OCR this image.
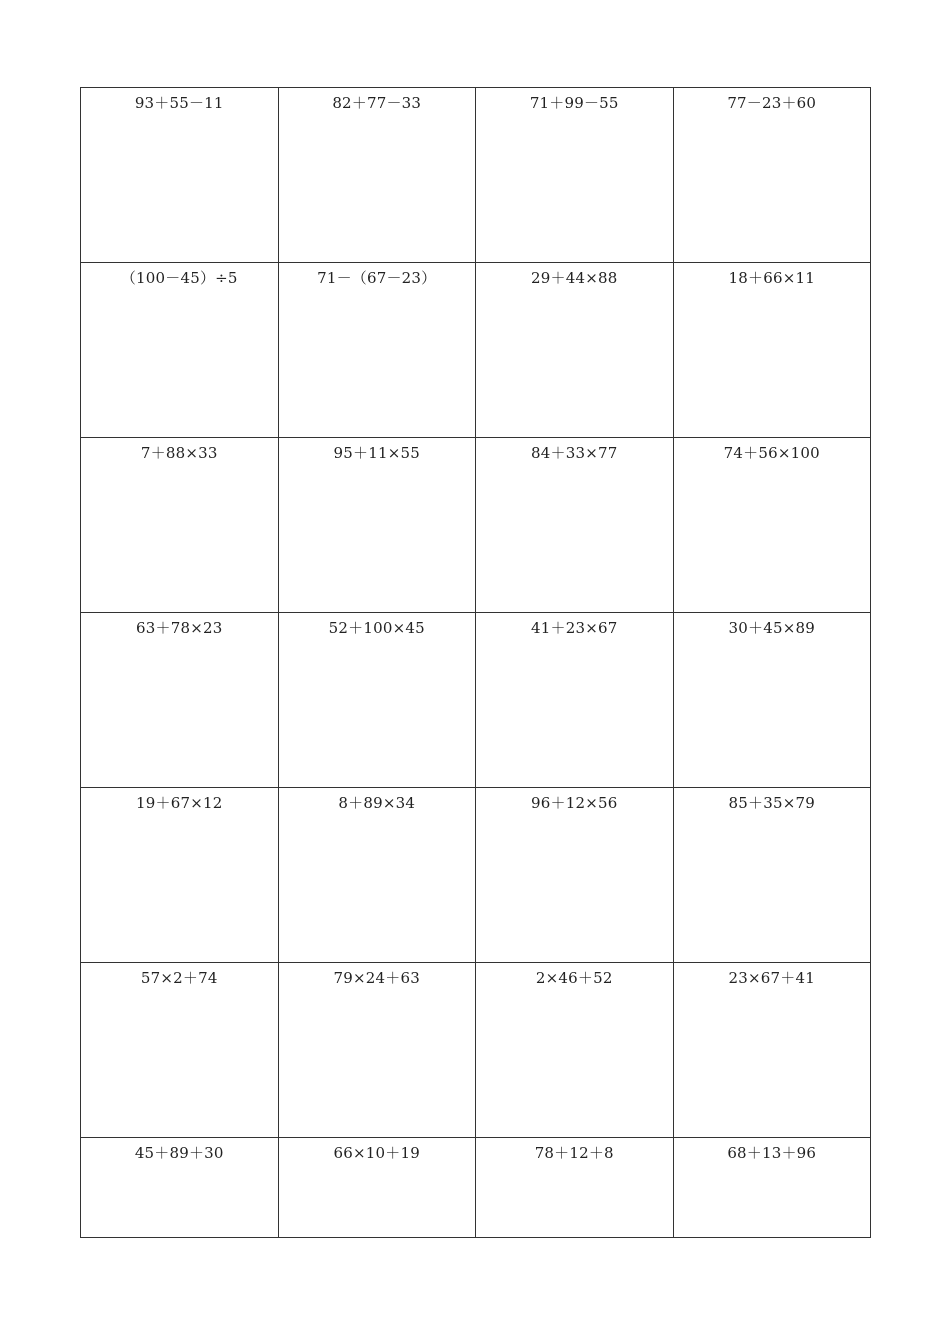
93＋55－11	82＋77－33	71＋99－55	77－23＋60

（100－45）÷5	71－（67－23）	29＋44×88	18＋66×11

7＋88×33	95＋11×55	84＋33×77	74＋56×100

63＋78×23	52＋100×45	41＋23×67	30＋45×89

19＋67×12	8＋89×34	96＋12×56	85＋35×79

57×2＋74	79×24＋63	2×46＋52	23×67＋41

45＋89＋30	66×10＋19	78＋12＋8	68＋13＋96
